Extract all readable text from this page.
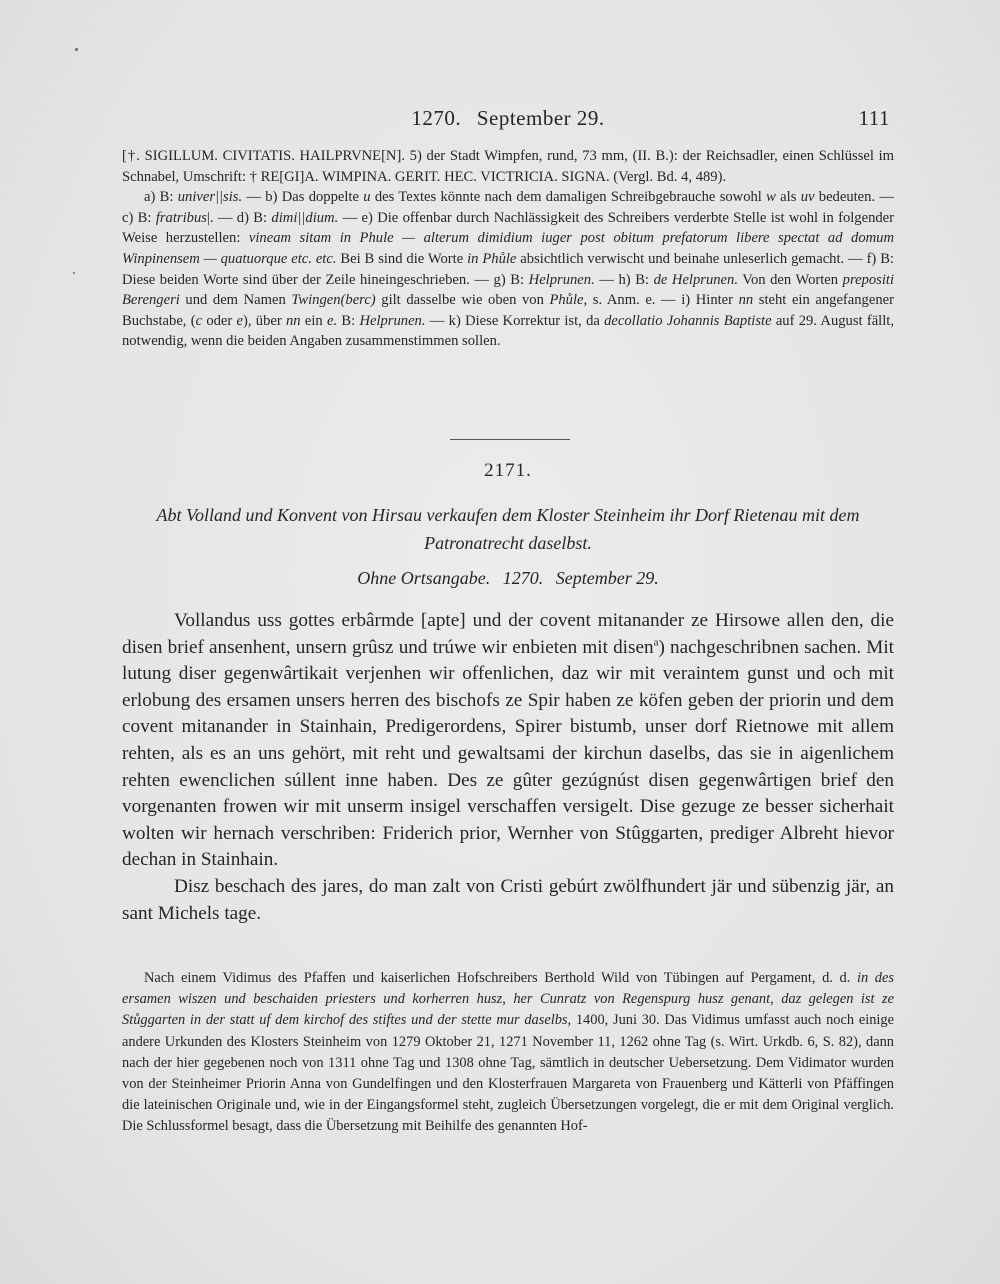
1270. September 29.	111

[†. SIGILLUM. CIVITATIS. HAILPRVNE[N]. 5) der Stadt Wimpfen, rund, 73 mm, (II. B.): der Reichsadler, einen Schlüssel im Schnabel, Umschrift: † RE[GI]A. WIMPINA. GERIT. HEC. VICTRICIA. SIGNA. (Vergl. Bd. 4, 489).

a) B: univer||sis. — b) Das doppelte u des Textes könnte nach dem damaligen Schreibgebrauche sowohl w als uv bedeuten. — c) B: fratribus|. — d) B: dimi||dium. — e) Die offenbar durch Nachlässigkeit des Schreibers verderbte Stelle ist wohl in folgender Weise herzustellen: vineam sitam in Phule — alterum dimidium iuger post obitum prefatorum libere spectat ad domum Winpinensem — quatuorque etc. etc. Bei B sind die Worte in Phůle absichtlich verwischt und beinahe unleserlich gemacht. — f) B: Diese beiden Worte sind über der Zeile hineingeschrieben. — g) B: Helprunen. — h) B: de Helprunen. Von den Worten prepositi Berengeri und dem Namen Twingen(berc) gilt dasselbe wie oben von Phůle, s. Anm. e. — i) Hinter nn steht ein angefangener Buchstabe, (c oder e), über nn ein e. B: Helprunen. — k) Diese Korrektur ist, da decollatio Johannis Baptiste auf 29. August fällt, notwendig, wenn die beiden Angaben zusammenstimmen sollen.

2171.
Abt Volland und Konvent von Hirsau verkaufen dem Kloster Steinheim ihr Dorf Rietenau mit dem Patronatrecht daselbst.
Ohne Ortsangabe. 1270. September 29.

Vollandus uss gottes erbârmde [apte] und der covent mitanander ze Hirsowe allen den, die disen brief ansenhent, unsern grûsz und trúwe wir enbieten mit disen$^a$) nachgeschribnen sachen. Mit lutung diser gegenwârtikait verjenhen wir offenlichen, daz wir mit veraintem gunst und och mit erlobung des ersamen unsers herren des bischofs ze Spir haben ze köfen geben der priorin und dem covent mitanander in Stainhain, Predigerordens, Spirer bistumb, unser dorf Rietnowe mit allem rehten, als es an uns gehört, mit reht und gewaltsami der kirchun daselbs, das sie in aigenlichem rehten ewenclichen súllent inne haben. Des ze gûter gezúgnúst disen gegenwârtigen brief den vorgenanten frowen wir mit unserm insigel verschaffen versigelt. Dise gezuge ze besser sicherhait wolten wir hernach verschriben: Friderich prior, Wernher von Stûggarten, prediger Albreht hievor dechan in Stainhain.

Disz beschach des jares, do man zalt von Cristi gebúrt zwölfhundert jär und sübenzig jär, an sant Michels tage.

Nach einem Vidimus des Pfaffen und kaiserlichen Hofschreibers Berthold Wild von Tübingen auf Pergament, d. d. in des ersamen wiszen und beschaiden priesters und korherren husz, her Cunratz von Regenspurg husz genant, daz gelegen ist ze Stůggarten in der statt uf dem kirchof des stiftes und der stette mur daselbs, 1400, Juni 30. Das Vidimus umfasst auch noch einige andere Urkunden des Klosters Steinheim von 1279 Oktober 21, 1271 November 11, 1262 ohne Tag (s. Wirt. Urkdb. 6, S. 82), dann nach der hier gegebenen noch von 1311 ohne Tag und 1308 ohne Tag, sämtlich in deutscher Uebersetzung. Dem Vidimator wurden von der Steinheimer Priorin Anna von Gundelfingen und den Klosterfrauen Margareta von Frauenberg und Kätterli von Pfäffingen die lateinischen Originale und, wie in der Eingangsformel steht, zugleich Übersetzungen vorgelegt, die er mit dem Original verglich. Die Schlussformel besagt, dass die Übersetzung mit Beihilfe des genannten Hof-
